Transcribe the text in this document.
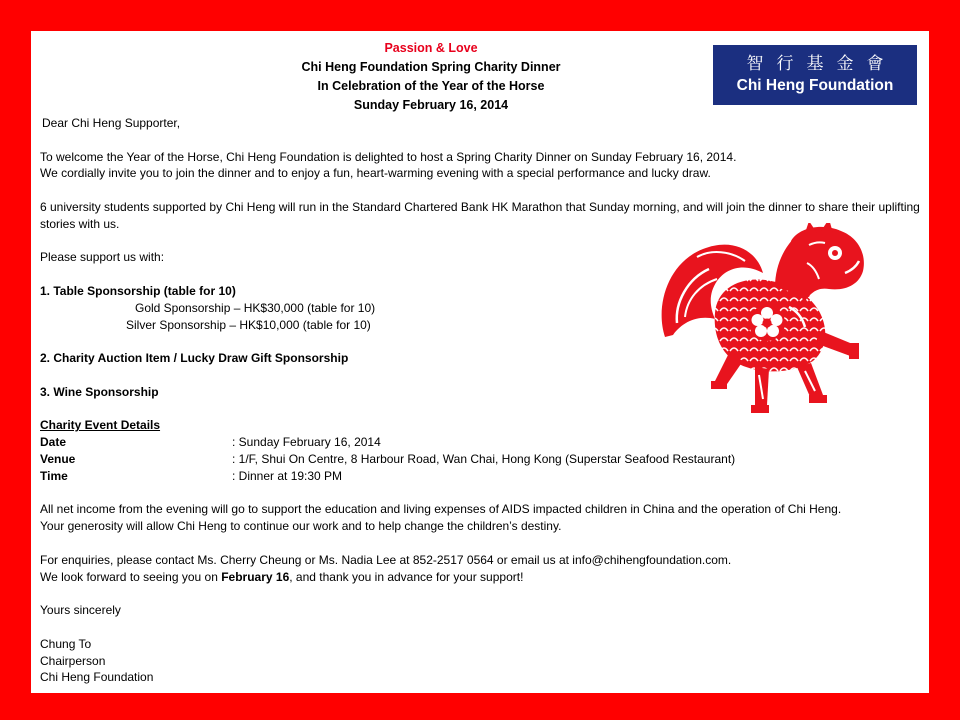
Passion & Love
Chi Heng Foundation Spring Charity Dinner
In Celebration of the Year of the Horse
Sunday February 16, 2014
智行基金會
Chi Heng Foundation

Dear Chi Heng Supporter,

To welcome the Year of the Horse, Chi Heng Foundation is delighted to host a Spring Charity Dinner on Sunday February 16, 2014.

We cordially invite you to join the dinner and to enjoy a fun, heart-warming evening with a special performance and lucky draw.

6 university students supported by Chi Heng will run in the Standard Chartered Bank HK Marathon that Sunday morning, and will join the dinner to share their uplifting stories with us.

Please support us with:

1. Table Sponsorship (table for 10)

Gold Sponsorship – HK$30,000 (table for 10)

Silver Sponsorship – HK$10,000 (table for 10)

2. Charity Auction Item / Lucky Draw Gift Sponsorship

3. Wine Sponsorship

Charity Event Details

Date	: Sunday February 16, 2014
Venue	: 1/F, Shui On Centre, 8 Harbour Road, Wan Chai, Hong Kong (Superstar Seafood Restaurant)
Time	: Dinner at 19:30 PM

All net income from the evening will go to support the education and living expenses of AIDS impacted children in China and the operation of Chi Heng.

Your generosity will allow Chi Heng to continue our work and to help change the children’s destiny.

For enquiries, please contact Ms. Cherry Cheung or Ms. Nadia Lee at 852-2517 0564 or email us at info@chihengfoundation.com.

We look forward to seeing you on February 16, and thank you in advance for your support!

Yours sincerely

Chung To

Chairperson

Chi Heng Foundation
